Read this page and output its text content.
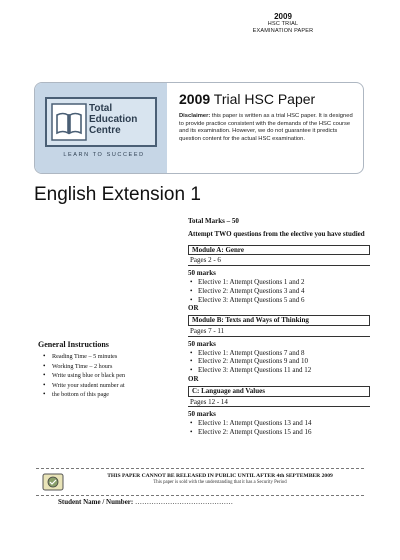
2009
HSC TRIAL
EXAMINATION PAPER
Total
Education
Centre
LEARN TO SUCCEED
2009 Trial HSC Paper
Disclaimer: this paper is written as a trial HSC paper. It is designed to provide practice consistent with the demands of the HSC course and its examination. However, we do not guarantee it predicts question content for the actual HSC examination.
English Extension 1
General Instructions
• Reading Time – 5 minutes
• Working Time – 2 hours
• Write using blue or black pen
• Write your student number at
• the bottom of this page
Total Marks – 50
Attempt TWO questions from the elective you have studied
Module A: Genre
Pages 2 - 6
50 marks
• Elective 1: Attempt Questions 1 and 2
• Elective 2: Attempt Questions 3 and 4
• Elective 3: Attempt Questions 5 and 6
OR
Module B: Texts and Ways of Thinking
Pages 7 - 11
50 marks
• Elective 1: Attempt Questions 7 and 8
• Elective 2: Attempt Questions 9 and 10
• Elective 3: Attempt Questions 11 and 12
OR
C: Language and Values
Pages 12 - 14
50 marks
• Elective 1: Attempt Questions 13 and 14
• Elective 2: Attempt Questions 15 and 16
THIS PAPER CANNOT BE RELEASED IN PUBLIC UNTIL AFTER 4th SEPTEMBER 2009
This paper is sold with the understanding that it has a Security Period
Student Name / Number: ……………………………………
